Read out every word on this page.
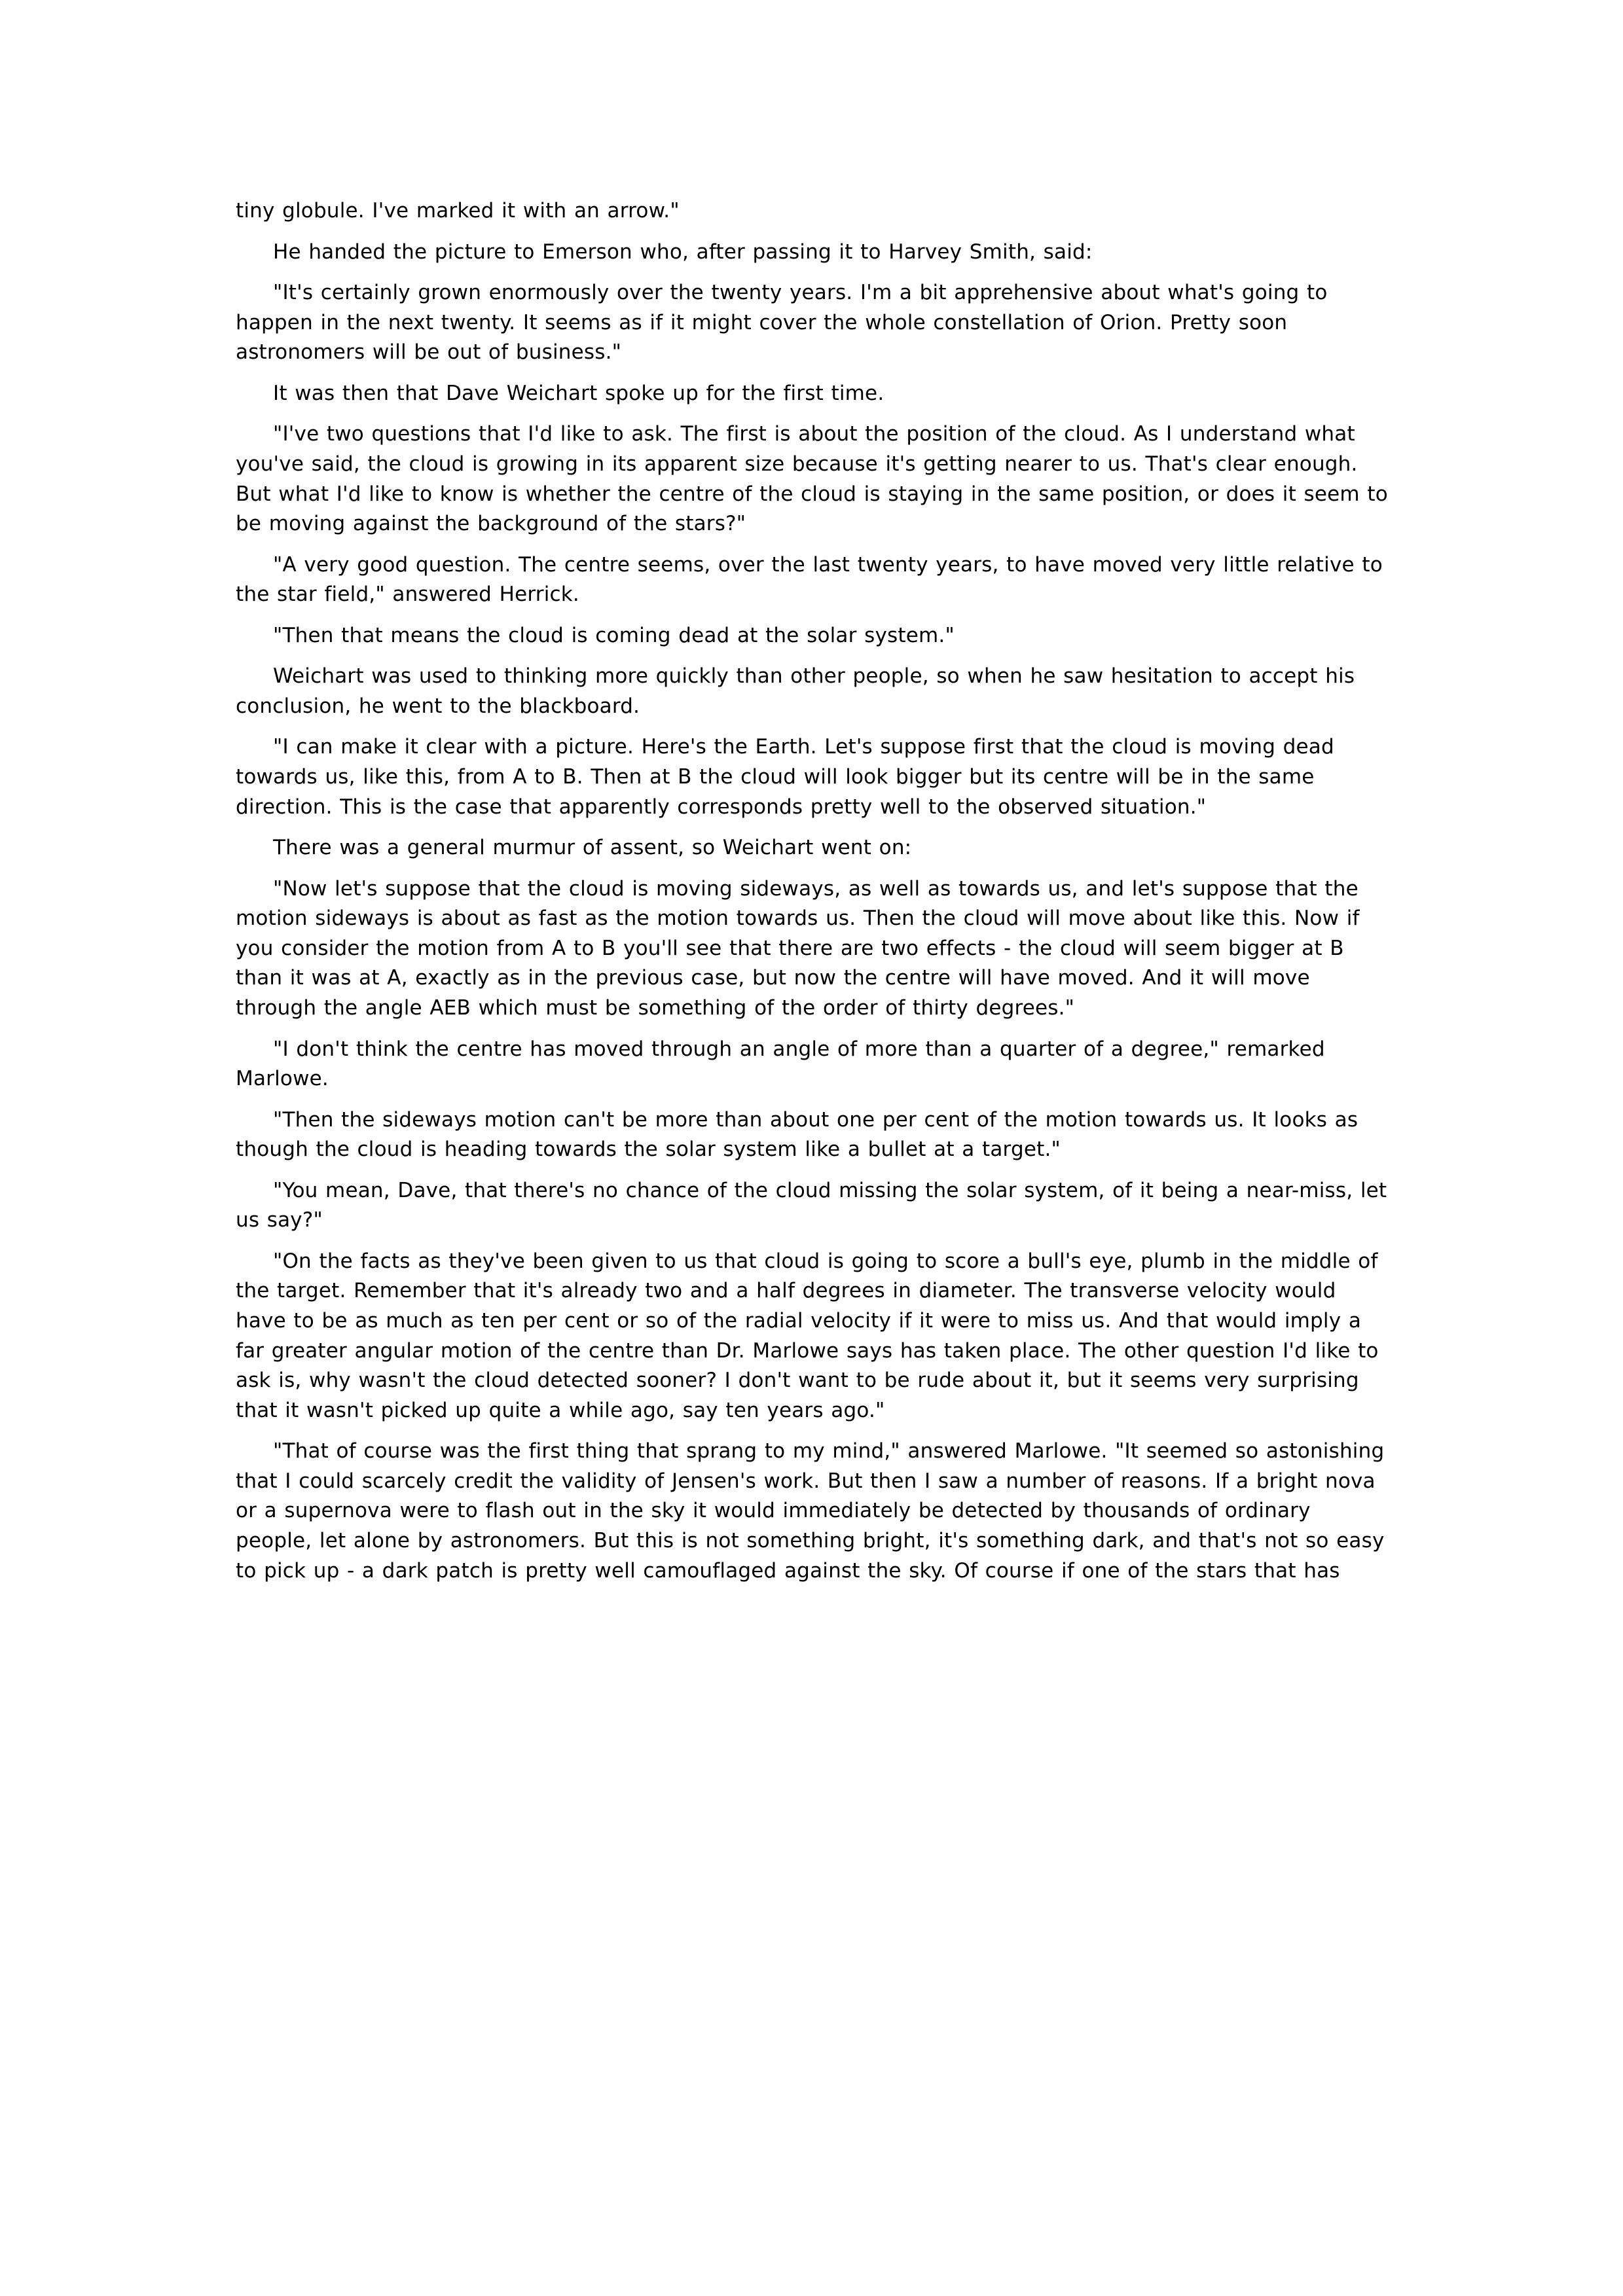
tiny globule. I've marked it with an arrow."

He handed the picture to Emerson who, after passing it to Harvey Smith, said:

"It's certainly grown enormously over the twenty years. I'm a bit apprehensive about what's going to happen in the next twenty. It seems as if it might cover the whole constellation of Orion. Pretty soon astronomers will be out of business."

It was then that Dave Weichart spoke up for the first time.

"I've two questions that I'd like to ask. The first is about the position of the cloud. As I understand what you've said, the cloud is growing in its apparent size because it's getting nearer to us. That's clear enough. But what I'd like to know is whether the centre of the cloud is staying in the same position, or does it seem to be moving against the background of the stars?"

"A very good question. The centre seems, over the last twenty years, to have moved very little relative to the star field," answered Herrick.

"Then that means the cloud is coming dead at the solar system."

Weichart was used to thinking more quickly than other people, so when he saw hesitation to accept his conclusion, he went to the blackboard.

"I can make it clear with a picture. Here's the Earth. Let's suppose first that the cloud is moving dead towards us, like this, from A to B. Then at B the cloud will look bigger but its centre will be in the same direction. This is the case that apparently corresponds pretty well to the observed situation."

There was a general murmur of assent, so Weichart went on:

"Now let's suppose that the cloud is moving sideways, as well as towards us, and let's suppose that the motion sideways is about as fast as the motion towards us. Then the cloud will move about like this. Now if you consider the motion from A to B you'll see that there are two effects - the cloud will seem bigger at B than it was at A, exactly as in the previous case, but now the centre will have moved. And it will move through the angle AEB which must be something of the order of thirty degrees."

"I don't think the centre has moved through an angle of more than a quarter of a degree," remarked Marlowe.

"Then the sideways motion can't be more than about one per cent of the motion towards us. It looks as though the cloud is heading towards the solar system like a bullet at a target."

"You mean, Dave, that there's no chance of the cloud missing the solar system, of it being a near-miss, let us say?"

"On the facts as they've been given to us that cloud is going to score a bull's eye, plumb in the middle of the target. Remember that it's already two and a half degrees in diameter. The transverse velocity would have to be as much as ten per cent or so of the radial velocity if it were to miss us. And that would imply a far greater angular motion of the centre than Dr. Marlowe says has taken place. The other question I'd like to ask is, why wasn't the cloud detected sooner? I don't want to be rude about it, but it seems very surprising that it wasn't picked up quite a while ago, say ten years ago."

"That of course was the first thing that sprang to my mind," answered Marlowe. "It seemed so astonishing that I could scarcely credit the validity of Jensen's work. But then I saw a number of reasons. If a bright nova or a supernova were to flash out in the sky it would immediately be detected by thousands of ordinary people, let alone by astronomers. But this is not something bright, it's something dark, and that's not so easy to pick up - a dark patch is pretty well camouflaged against the sky. Of course if one of the stars that has
